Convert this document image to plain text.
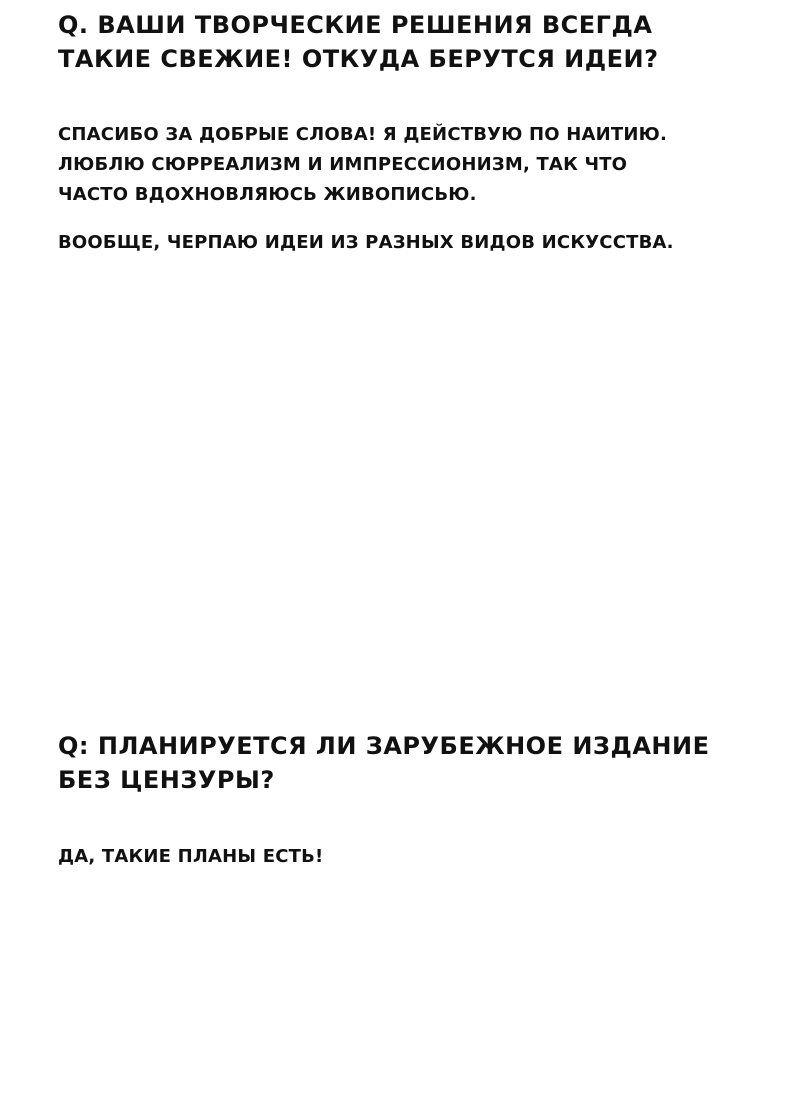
Q. ВАШИ ТВОРЧЕСКИЕ РЕШЕНИЯ ВСЕГДА
ТАКИЕ СВЕЖИЕ! ОТКУДА БЕРУТСЯ ИДЕИ?
СПАСИБО ЗА ДОБРЫЕ СЛОВА! Я ДЕЙСТВУЮ ПО НАИТИЮ.
ЛЮБЛЮ СЮРРЕАЛИЗМ И ИМПРЕССИОНИЗМ, ТАК ЧТО
ЧАСТО ВДОХНОВЛЯЮСЬ ЖИВОПИСЬЮ.
ВООБЩЕ, ЧЕРПАЮ ИДЕИ ИЗ РАЗНЫХ ВИДОВ ИСКУССТВА.
Q: ПЛАНИРУЕТСЯ ЛИ ЗАРУБЕЖНОЕ ИЗДАНИЕ
БЕЗ ЦЕНЗУРЫ?
ДА, ТАКИЕ ПЛАНЫ ЕСТЬ!
